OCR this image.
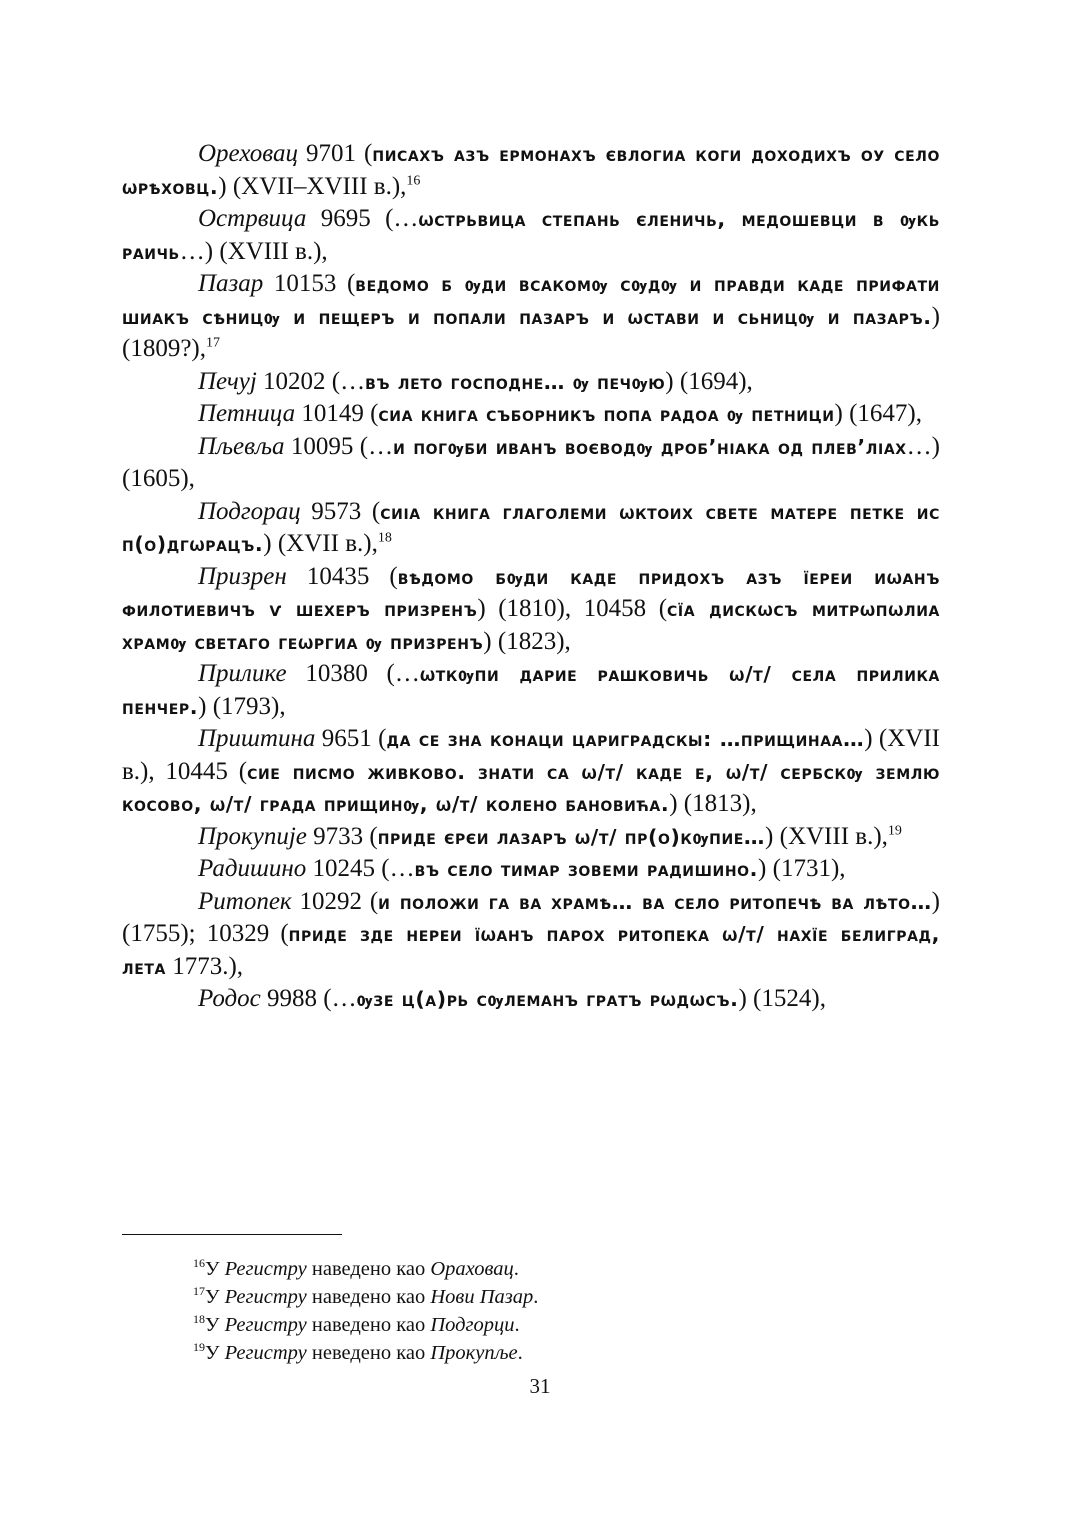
Ореховац 9701 (писахъ азъ ермонахъ євлогиа коги доходихъ оу село ѡрѣховц.) (XVII–XVIII в.),$^{16}$

Острвица 9695 (…ѡстрьвица степань єленичь, медошевци в ѹкь раичь…) (XVIII в.),

Пазар 10153 (ведомо б ѹди всакомѹ сѹдѹ и правди каде прифати шиакъ сѣницѹ и пещеръ и попали пазаръ и ѡстави и сьницѹ и пазаръ.) (1809?),$^{17}$

Печуј 10202 (…въ лето господне… ѹ печѹю) (1694),

Петница 10149 (сиа книга съборникъ попа радоа ѹ петници) (1647),

Пљевља 10095 (…и погѹби иванъ воєводѹ дроб’нıака од плев’лıах…) (1605),

Подгорац 9573 (сиıа книга глаголеми ѡктоих свете матере петке ис п(о)дгѡрацъ.) (XVII в.),$^{18}$

Призрен 10435 (вѣдомо бѹди каде придохъ азъ їереи иѡанъ филотиевичъ ѵ шехеръ призренъ) (1810), 10458 (сїа дискѡсъ митрѡпѡлиа храмѹ светаго геѡргиа ѹ призренъ) (1823),

Прилике 10380 (…ѡткѹпи дарие рашковичь ѡ/т/ села прилика пенчер.) (1793),

Приштина 9651 (да се зна конаци цариградскы: …прищинаа…) (XVII в.), 10445 (сие писмо живково. знати са ѡ/т/ каде е, ѡ/т/ сербскѹ землю косово, ѡ/т/ града прищинѹ, ѡ/т/ колено бановића.) (1813),

Прокупије 9733 (приде єрєи лазаръ ѡ/т/ пр(о)кѹпие…) (XVIII в.),$^{19}$

Радишино 10245 (…въ село тимар зовеми радишино.) (1731),

Ритопек 10292 (и положи га ва храмѣ… ва село ритопечѣ ва лѣто…) (1755); 10329 (приде зде нереи їѡанъ парох ритопека ѡ/т/ нахїе белиград, лета 1773.),

Родос 9988 (…ѹзе ц(а)рь сѹлеманъ гратъ рѡдѡсъ.) (1524),

$^{16}$У Регистру наведено као Ораховац.

$^{17}$У Регистру наведено као Нови Пазар.

$^{18}$У Регистру наведено као Подгорци.

$^{19}$У Регистру неведено као Прокупље.

31
